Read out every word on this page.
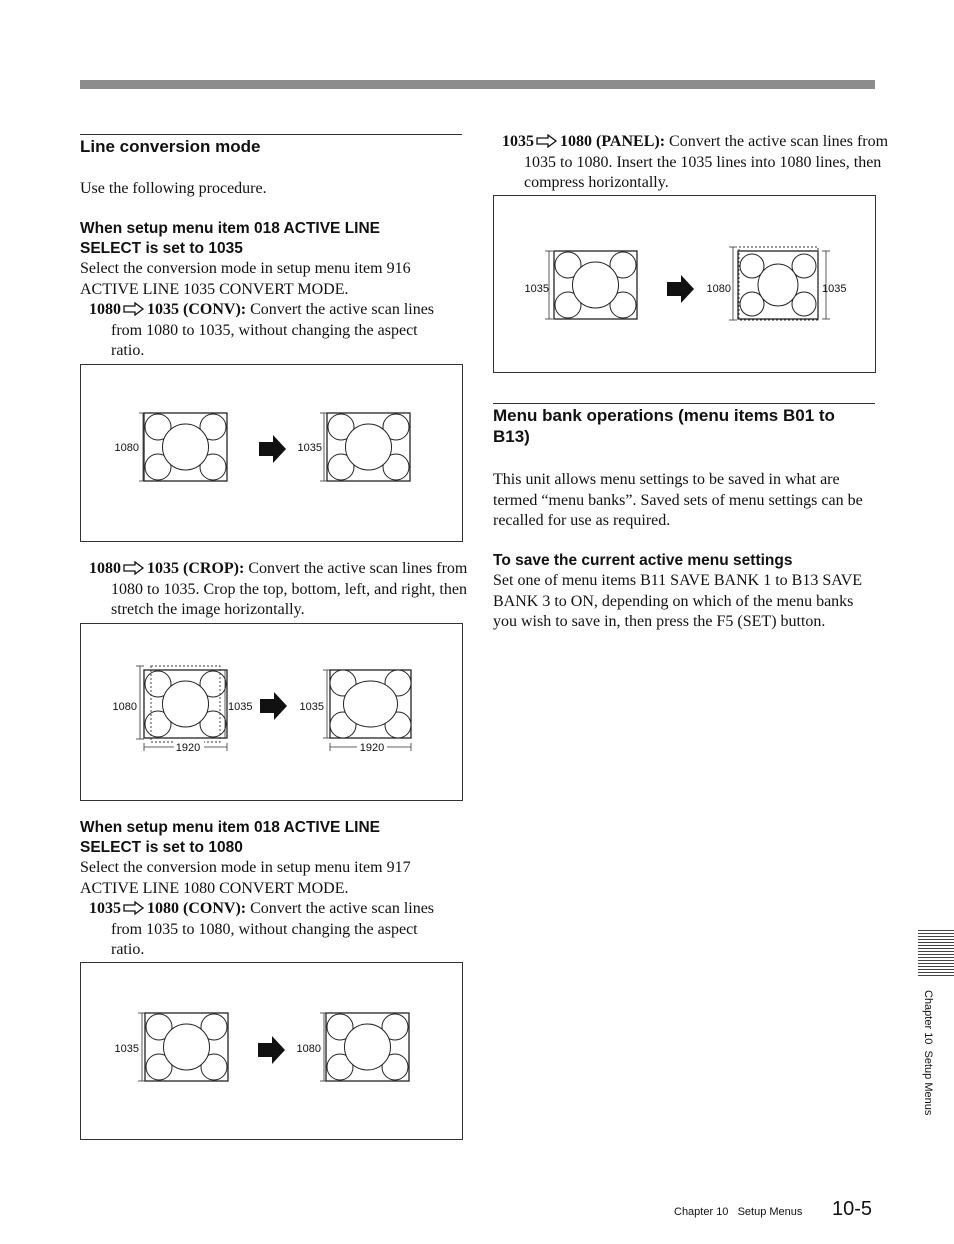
Line conversion mode

Use the following procedure.

When setup menu item 018 ACTIVE LINE
SELECT is set to 1035

Select the conversion mode in setup menu item 916
ACTIVE LINE 1035 CONVERT MODE.

1080 1035 (CONV): Convert the active scan lines from 1080 to 1035, without changing the aspect ratio.

1080	1035

1080 1035 (CROP): Convert the active scan lines from 1080 to 1035. Crop the top, bottom, left, and right, then stretch the image horizontally.

1080	1035
1920
1035
1920
When setup menu item 018 ACTIVE LINE
SELECT is set to 1080

Select the conversion mode in setup menu item 917
ACTIVE LINE 1080 CONVERT MODE.

1035 1080 (CONV): Convert the active scan lines from 1035 to 1080, without changing the aspect ratio.

1035	1080

1035 1080 (PANEL): Convert the active scan lines from 1035 to 1080. Insert the 1035 lines into 1080 lines, then compress horizontally.

1035	1080	1035
Menu bank operations (menu items B01 to
B13)

This unit allows menu settings to be saved in what are termed “menu banks”. Saved sets of menu settings can be recalled for use as required.

To save the current active menu settings

Set one of menu items B11 SAVE BANK 1 to B13 SAVE BANK 3 to ON, depending on which of the menu banks you wish to save in, then press the F5 (SET) button.

Chapter 10  Setup Menus
Chapter 10   Setup Menus 10-5
